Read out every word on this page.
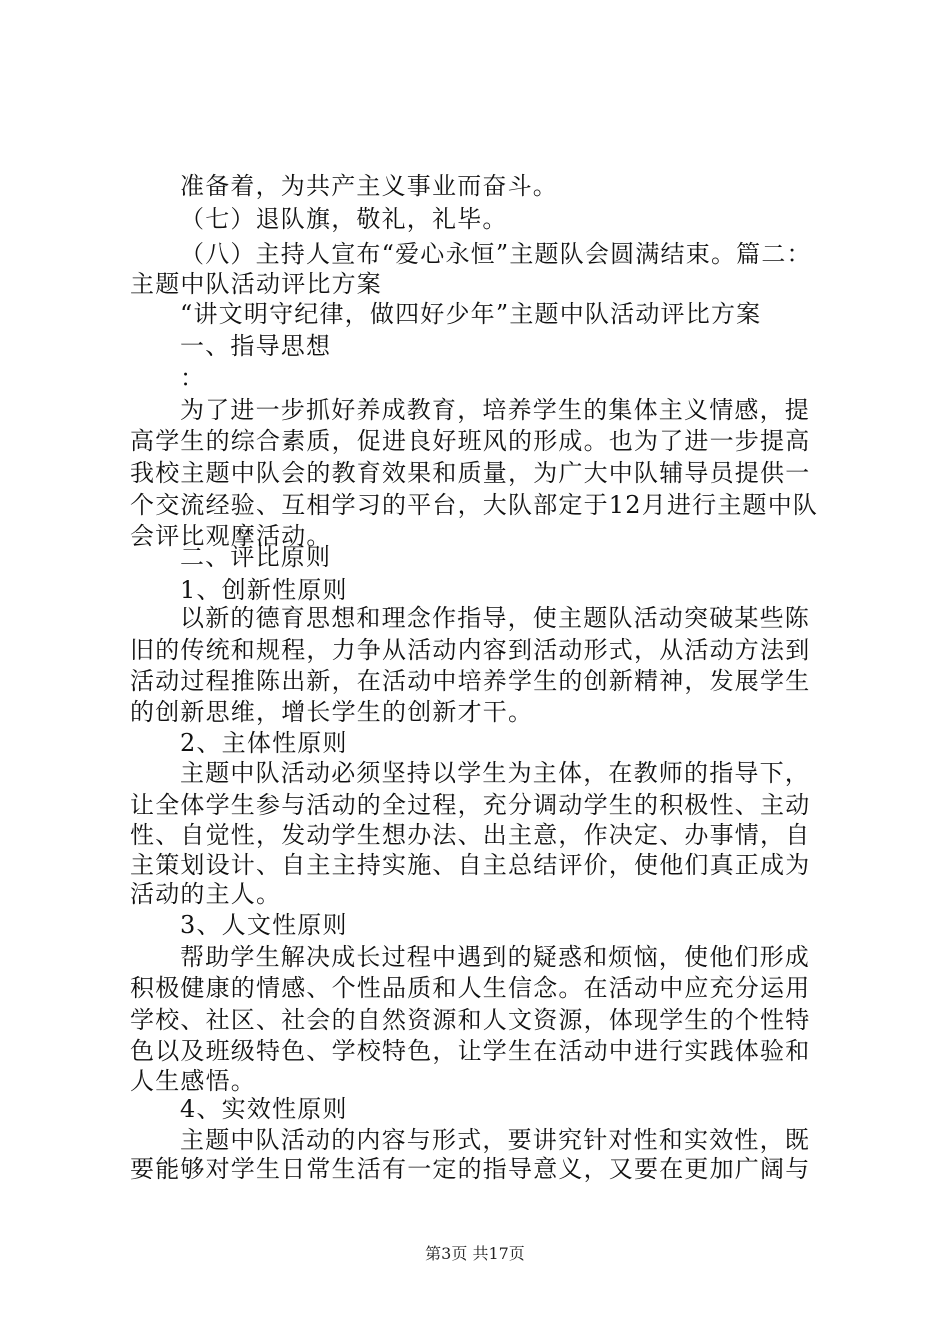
准备着，为共产主义事业而奋斗。
（七）退队旗，敬礼，礼毕。
（八）主持人宣布“爱心永恒”主题队会圆满结束。篇二：
主题中队活动评比方案
“讲文明守纪律，做四好少年”主题中队活动评比方案
一、指导思想
：
为了进一步抓好养成教育，培养学生的集体主义情感，提
高学生的综合素质，促进良好班风的形成。也为了进一步提高
我校主题中队会的教育效果和质量，为广大中队辅导员提供一
个交流经验、互相学习的平台，大队部定于12月进行主题中队
会评比观摩活动。
二、评比原则
1、创新性原则
以新的德育思想和理念作指导，使主题队活动突破某些陈
旧的传统和规程，力争从活动内容到活动形式，从活动方法到
活动过程推陈出新，在活动中培养学生的创新精神，发展学生
的创新思维，增长学生的创新才干。
2、主体性原则
主题中队活动必须坚持以学生为主体，在教师的指导下，
让全体学生参与活动的全过程，充分调动学生的积极性、主动
性、自觉性，发动学生想办法、出主意，作决定、办事情，自
主策划设计、自主主持实施、自主总结评价，使他们真正成为
活动的主人。
3、人文性原则
帮助学生解决成长过程中遇到的疑惑和烦恼，使他们形成
积极健康的情感、个性品质和人生信念。在活动中应充分运用
学校、社区、社会的自然资源和人文资源，体现学生的个性特
色以及班级特色、学校特色，让学生在活动中进行实践体验和
人生感悟。
4、实效性原则
主题中队活动的内容与形式，要讲究针对性和实效性，既
要能够对学生日常生活有一定的指导意义，又要在更加广阔与
第3页 共17页
